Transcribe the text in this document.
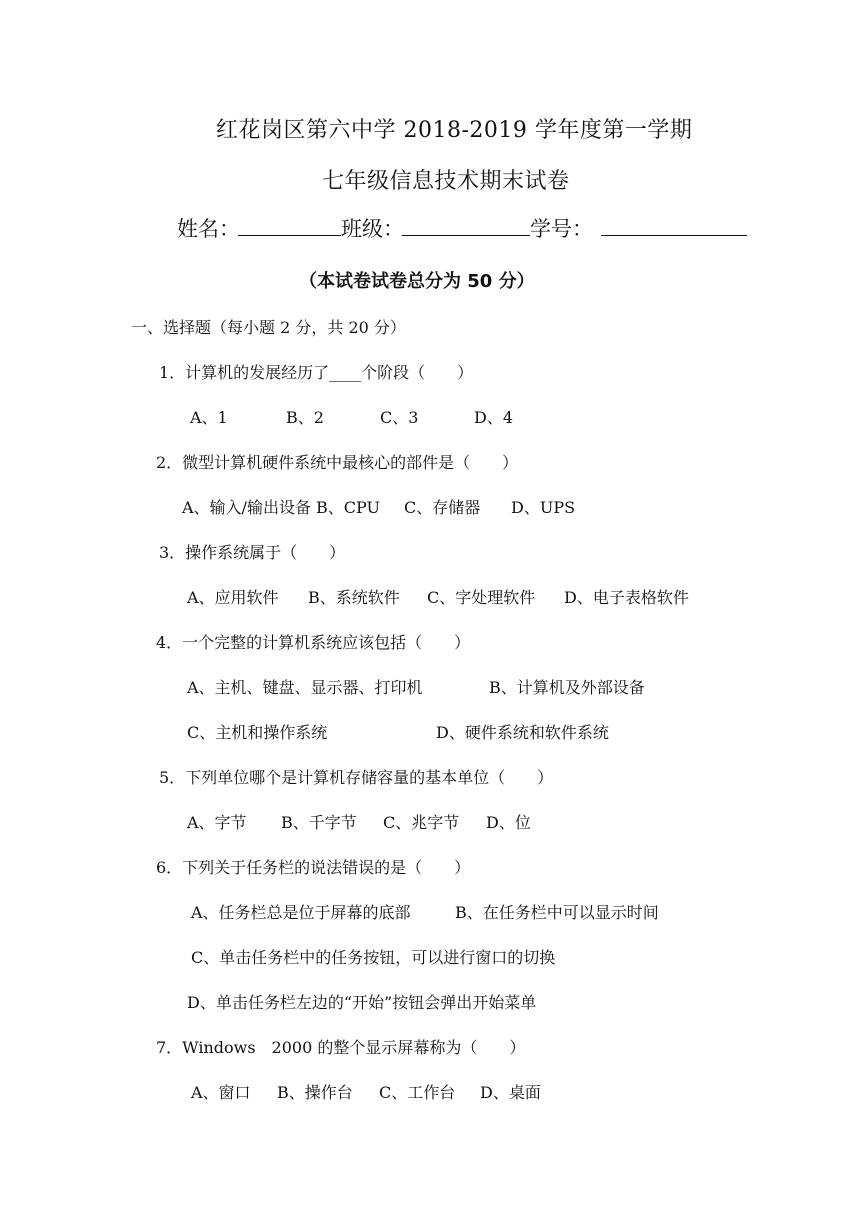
红花岗区第六中学 2018-2019 学年度第一学期
七年级信息技术期末试卷
姓名：	班级：	学号：
（本试卷试卷总分为 50 分）
一、选择题（每小题 2 分，共 20 分）
1．计算机的发展经历了____个阶段（　　）
A、1	B、2	C、3	D、4
2．微型计算机硬件系统中最核心的部件是（　　）
A、输入/输出设备 B、CPU C、存储器 D、UPS
3．操作系统属于（　　）
A、应用软件 B、系统软件 C、字处理软件 D、电子表格软件
4．一个完整的计算机系统应该包括（　　）
A、主机、键盘、显示器、打印机	B、计算机及外部设备
C、主机和操作系统	D、硬件系统和软件系统
5．下列单位哪个是计算机存储容量的基本单位（　　）
A、字节 B、千字节 C、兆字节 D、位
6．下列关于任务栏的说法错误的是（　　）
A、任务栏总是位于屏幕的底部	B、在任务栏中可以显示时间
C、单击任务栏中的任务按钮，可以进行窗口的切换
D、单击任务栏左边的“开始”按钮会弹出开始菜单
7．Windows　2000 的整个显示屏幕称为（　　）
A、窗口 B、操作台 C、工作台 D、桌面
